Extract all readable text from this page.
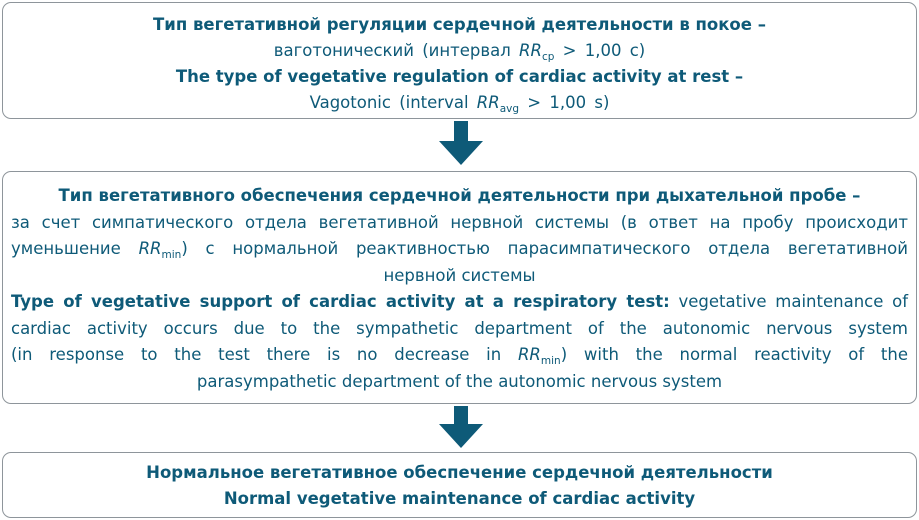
Тип вегетативной регуляции сердечной деятельности в покое –
ваготонический (интервал $RR_{ср} > 1,00$ с)
The type of vegetative regulation of cardiac activity at rest –
Vagotonic (interval $RR_{avg} > 1,00$ s)
Тип вегетативного обеспечения сердечной деятельности при дыхательной пробе –
за счет симпатического отдела вегетативной нервной системы (в ответ на пробу происходит
уменьшение $RR_{min}$) с нормальной реактивностью парасимпатического отдела вегетативной
нервной системы
Type of vegetative support of cardiac activity at a respiratory test: vegetative maintenance of
cardiac activity occurs due to the sympathetic department of the autonomic nervous system
(in response to the test there is no decrease in $RR_{min}$) with the normal reactivity of the
parasympathetic department of the autonomic nervous system
Нормальное вегетативное обеспечение сердечной деятельности
Normal vegetative maintenance of cardiac activity
